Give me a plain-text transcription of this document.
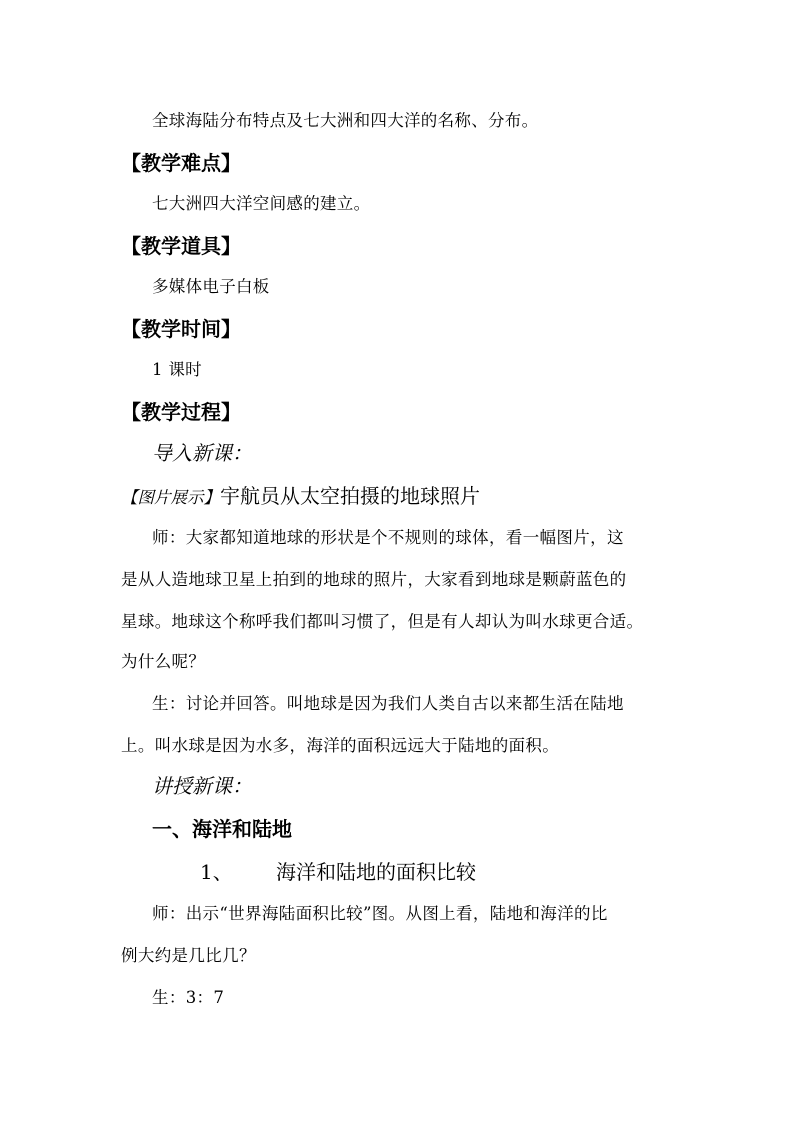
全球海陆分布特点及七大洲和四大洋的名称、分布。
【教学难点】
七大洲四大洋空间感的建立。
【教学道具】
多媒体电子白板
【教学时间】
1 课时
【教学过程】
导入新课：
【图片展示】宇航员从太空拍摄的地球照片
师：大家都知道地球的形状是个不规则的球体，看一幅图片，这
是从人造地球卫星上拍到的地球的照片，大家看到地球是颗蔚蓝色的
星球。地球这个称呼我们都叫习惯了，但是有人却认为叫水球更合适。
为什么呢？
生：讨论并回答。叫地球是因为我们人类自古以来都生活在陆地
上。叫水球是因为水多，海洋的面积远远大于陆地的面积。
讲授新课：
一、海洋和陆地
1、 海洋和陆地的面积比较
师：出示“世界海陆面积比较”图。从图上看，陆地和海洋的比
例大约是几比几？
生：3：7
